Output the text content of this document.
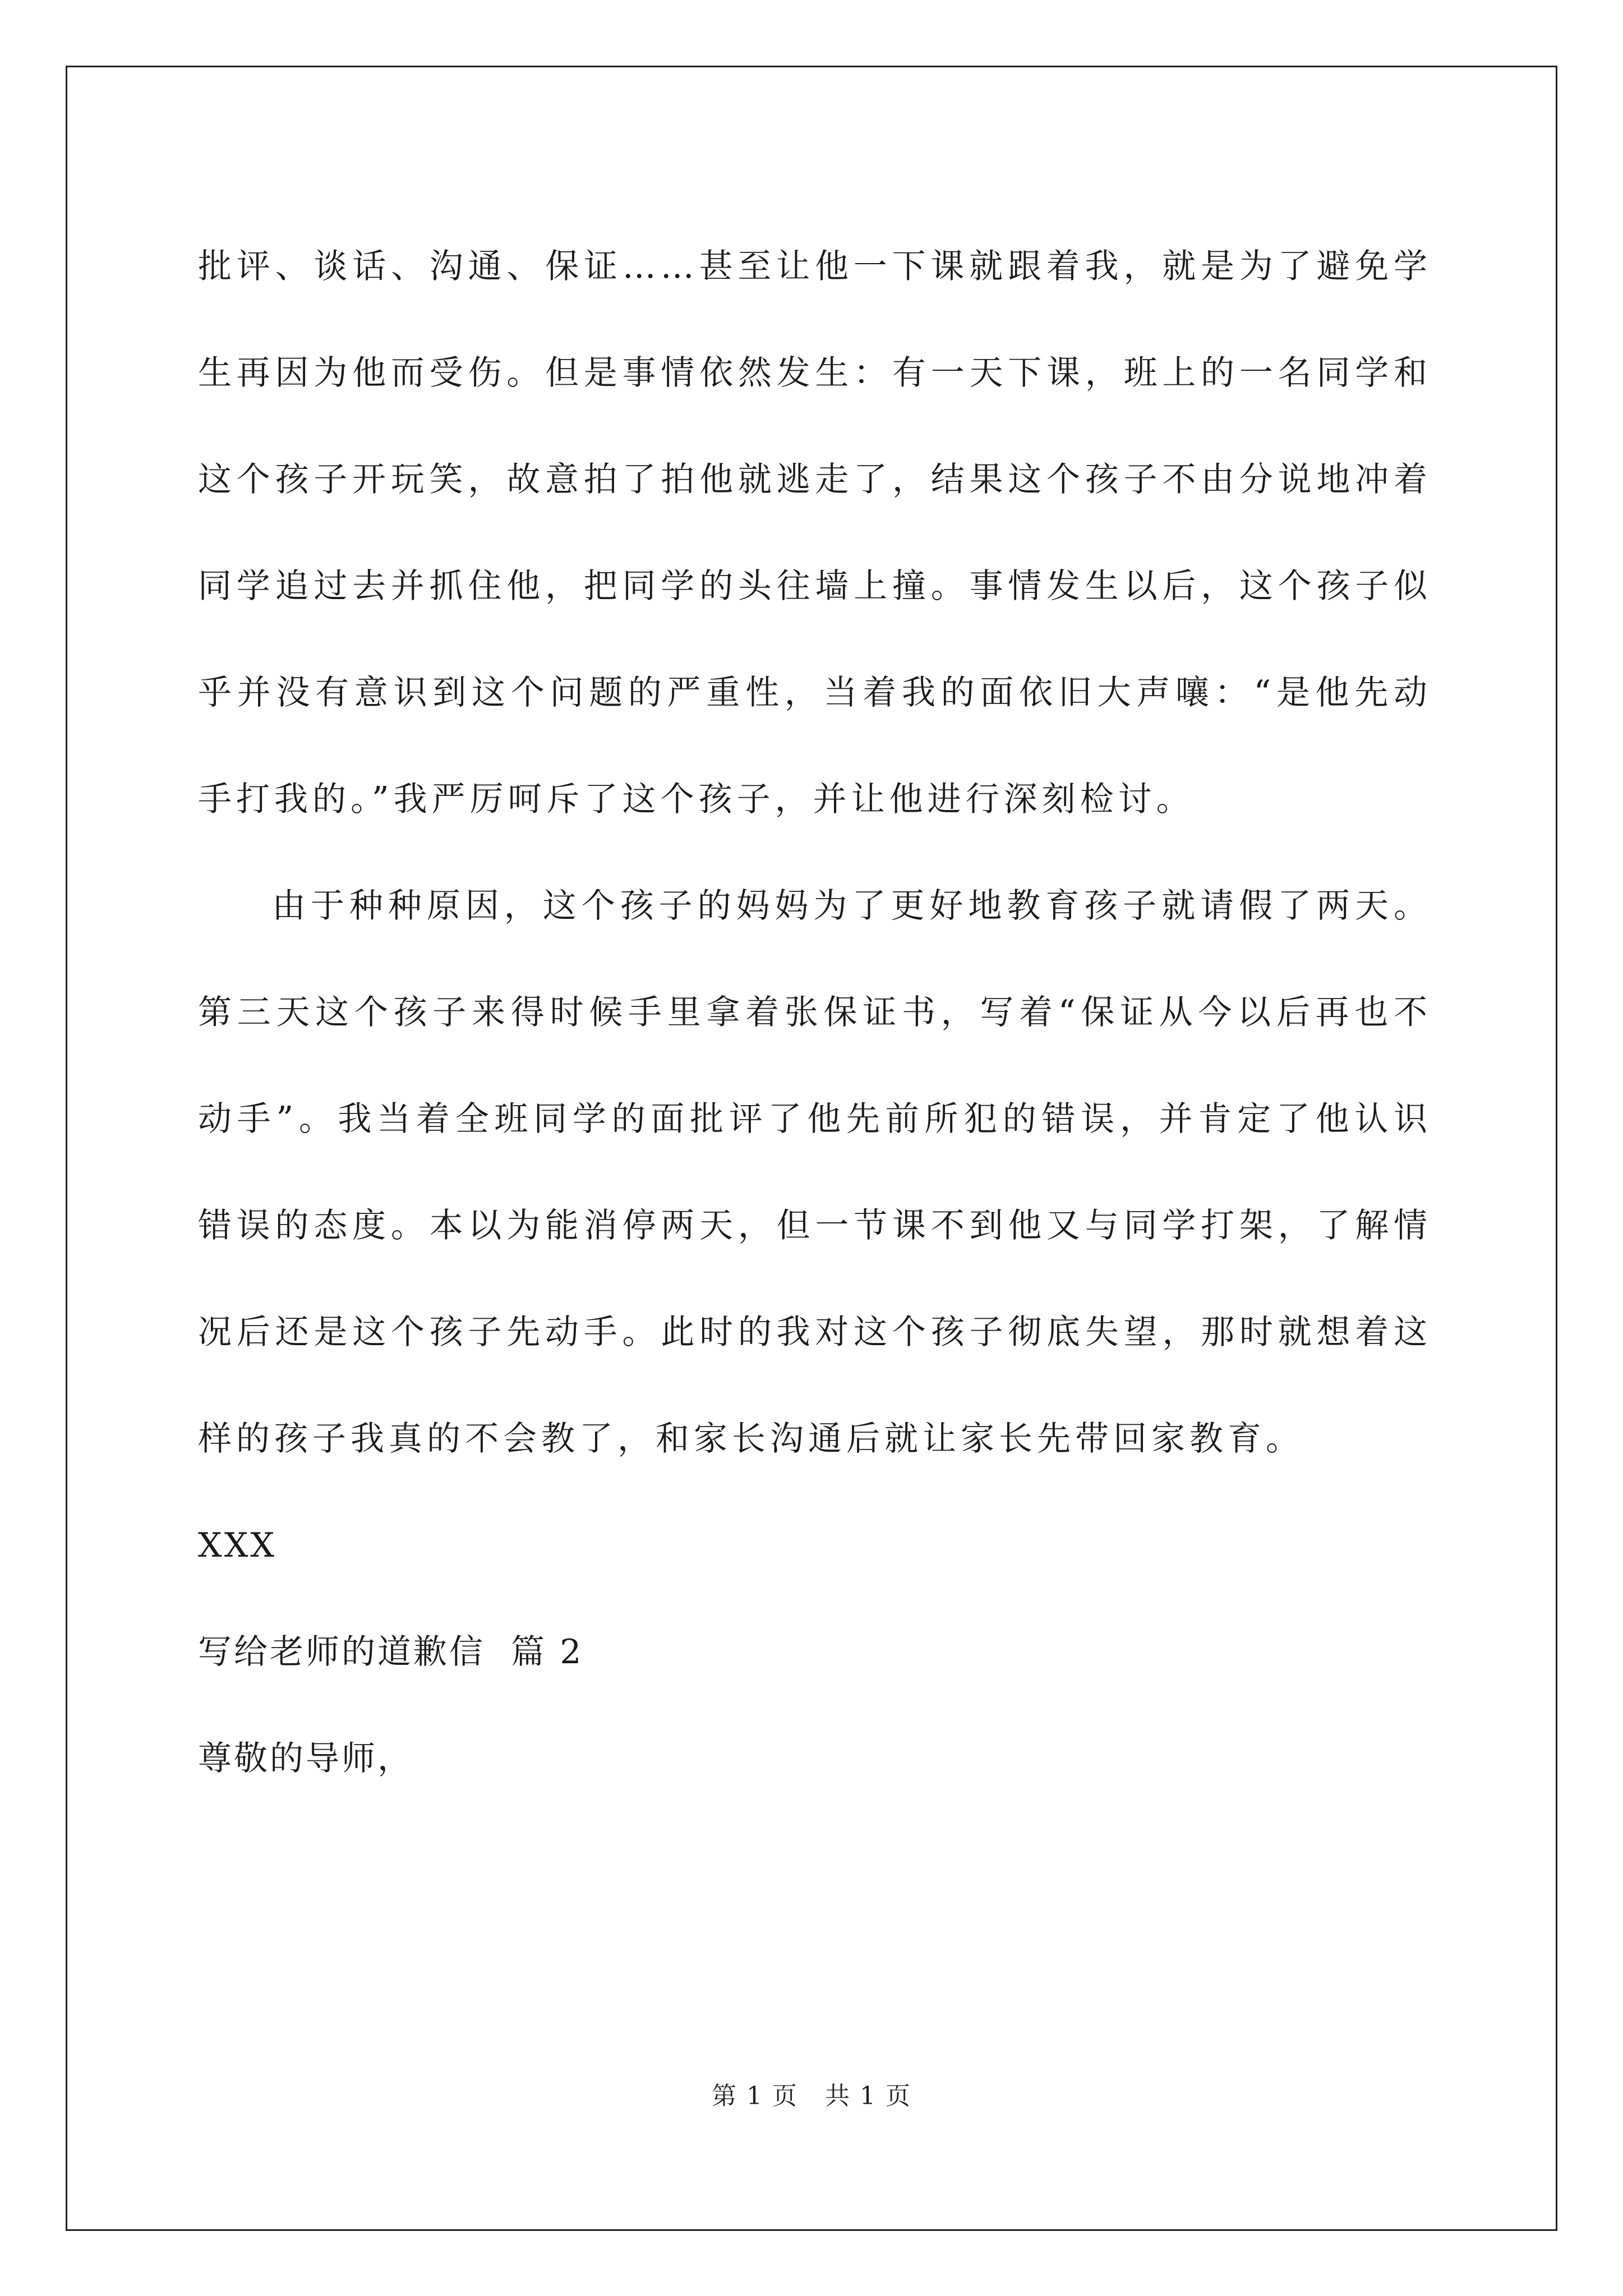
批评、谈话、沟通、保证……甚至让他一下课就跟着我，就是为了避免学生再因为他而受伤。但是事情依然发生：有一天下课，班上的一名同学和这个孩子开玩笑，故意拍了拍他就逃走了，结果这个孩子不由分说地冲着同学追过去并抓住他，把同学的头往墙上撞。事情发生以后，这个孩子似乎并没有意识到这个问题的严重性，当着我的面依旧大声嚷：“是他先动手打我的。”我严厉呵斥了这个孩子，并让他进行深刻检讨。

由于种种原因，这个孩子的妈妈为了更好地教育孩子就请假了两天。第三天这个孩子来得时候手里拿着张保证书，写着“保证从今以后再也不动手”。我当着全班同学的面批评了他先前所犯的错误，并肯定了他认识错误的态度。本以为能消停两天，但一节课不到他又与同学打架，了解情况后还是这个孩子先动手。此时的我对这个孩子彻底失望，那时就想着这样的孩子我真的不会教了，和家长沟通后就让家长先带回家教育。

XXX

写给老师的道歉信  篇 2

尊敬的导师，

第 1 页   共 1 页
